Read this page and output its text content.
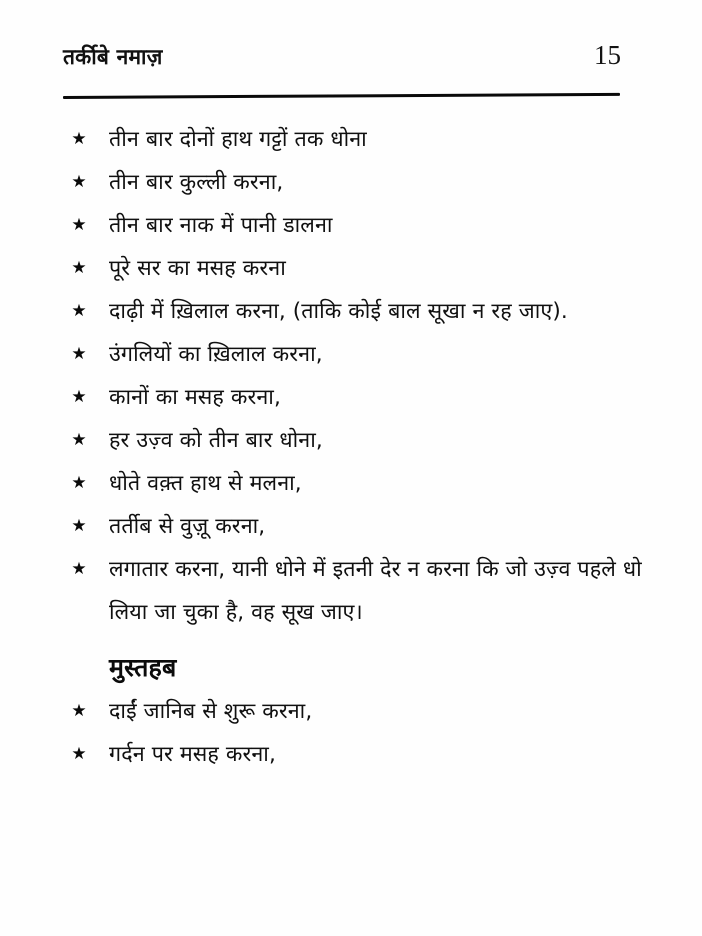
तर्कीबे नमाज़	15
★ तीन बार दोनों हाथ गट्टों तक धोना
★ तीन बार कुल्ली करना,
★ तीन बार नाक में पानी डालना
★ पूरे सर का मसह करना
★ दाढ़ी में ख़िलाल करना, (ताकि कोई बाल सूखा न रह जाए).
★ उंगलियों का ख़िलाल करना,
★ कानों का मसह करना,
★ हर उज़्व को तीन बार धोना,
★ धोते वक़्त हाथ से मलना,
★ तर्तीब से वुज़ू करना,
★ लगातार करना, यानी धोने में इतनी देर न करना कि जो उज़्व पहले धो लिया जा चुका है, वह सूख जाए।
मुस्तहब
★ दाईं जानिब से शुरू करना,
★ गर्दन पर मसह करना,
